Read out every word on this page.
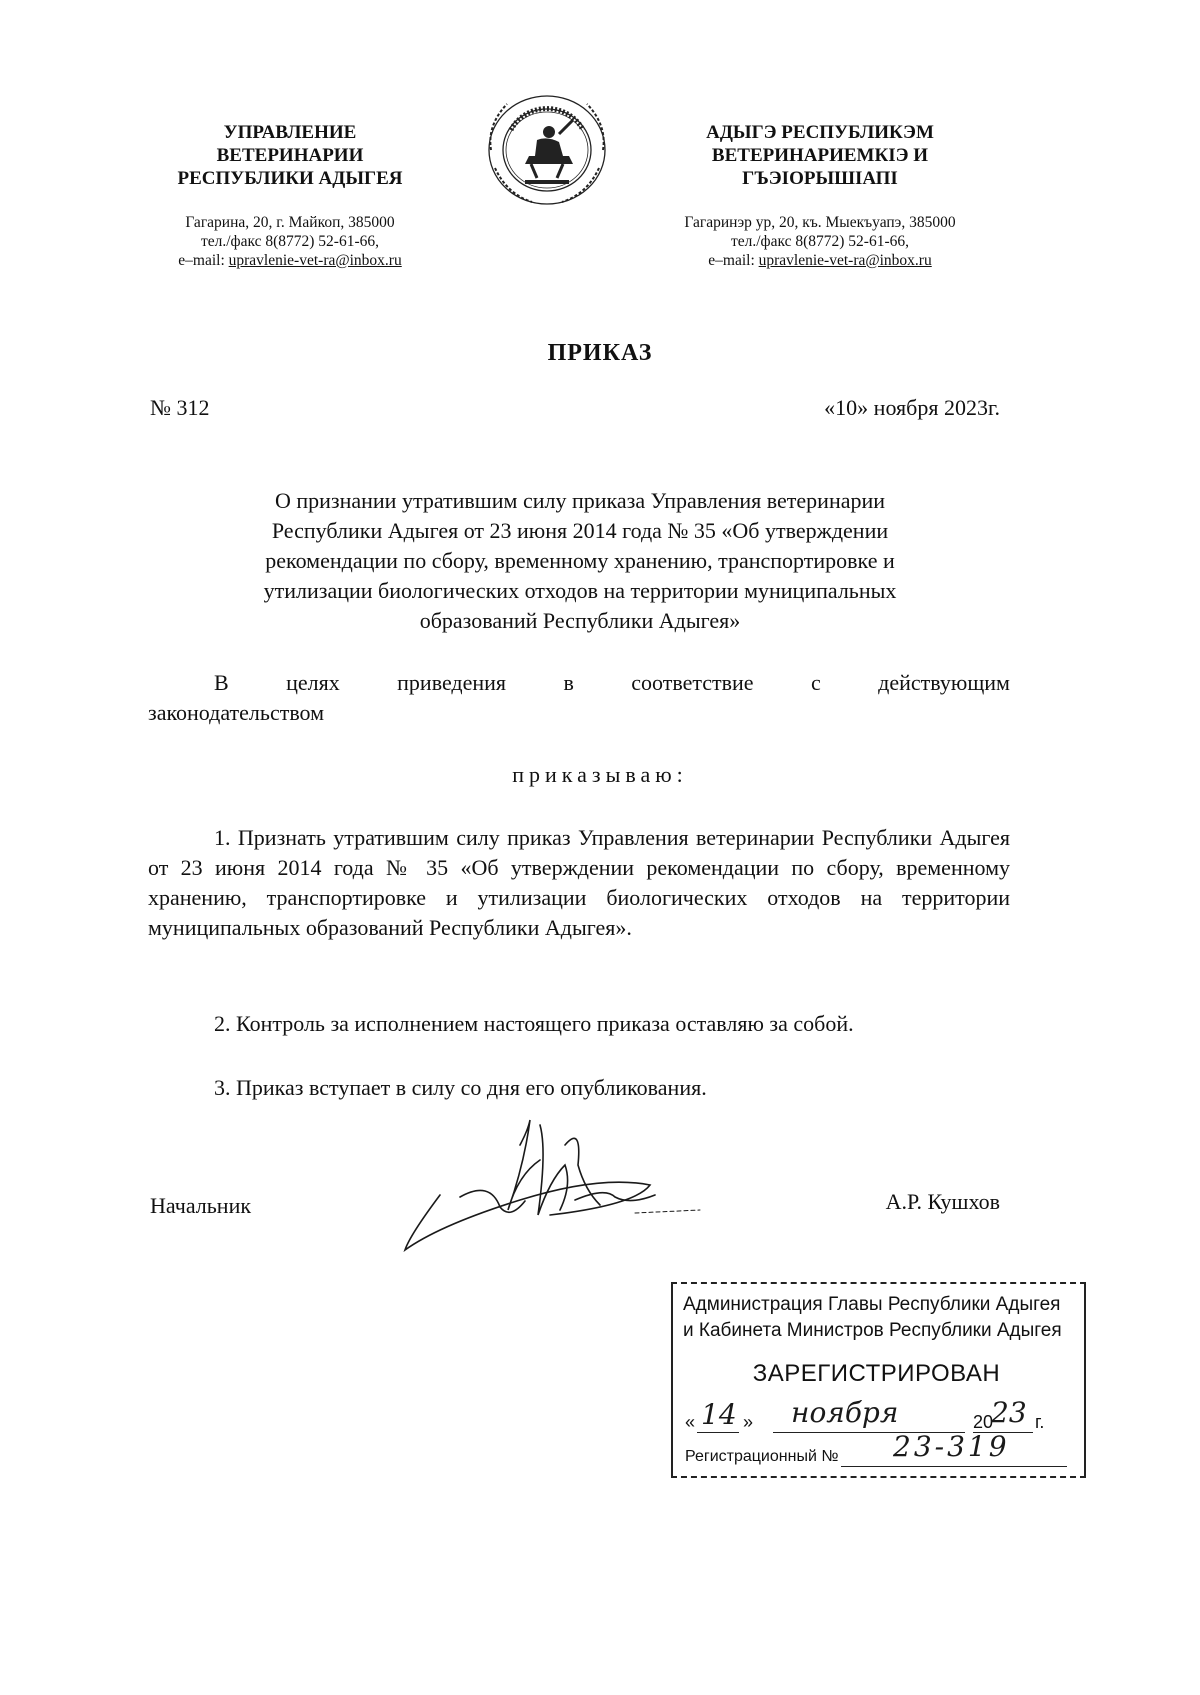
УПРАВЛЕНИЕ
ВЕТЕРИНАРИИ
РЕСПУБЛИКИ АДЫГЕЯ
Гагарина, 20, г. Майкоп, 385000
тел./факс 8(8772) 52-61-66,
e–mail: upravlenie-vet-ra@inbox.ru
АДЫГЭ РЕСПУБЛИКЭМ
ВЕТЕРИНАРИЕМКIЭ И
ГЪЭIОРЫШIАПI
Гагаринэр ур, 20, къ. Мыекъуапэ, 385000
тел./факс 8(8772) 52-61-66,
e–mail: upravlenie-vet-ra@inbox.ru
ПРИКАЗ
№ 312	«10» ноября 2023г.
О признании утратившим силу приказа Управления ветеринарии
Республики Адыгея от 23 июня 2014 года № 35 «Об утверждении
рекомендации по сбору, временному хранению, транспортировке и
утилизации биологических отходов на территории муниципальных
образований Республики Адыгея»
В	целях	приведения	в	соответствие	с	действующим
законодательством
приказываю:
1. Признать утратившим силу приказ Управления ветеринарии Республики Адыгея от 23 июня 2014 года № 35 «Об утверждении рекомендации по сбору, временному хранению, транспортировке и утилизации биологических отходов на территории муниципальных образований Республики Адыгея».
2. Контроль за исполнением настоящего приказа оставляю за собой.
3. Приказ вступает в силу со дня его опубликования.
Начальник	А.Р. Кушхов
Администрация Главы Республики Адыгея
и Кабинета Министров Республики Адыгея
ЗАРЕГИСТРИРОВАН
« 14 » ноября	20
23 г.
Регистрационный № 23-319
